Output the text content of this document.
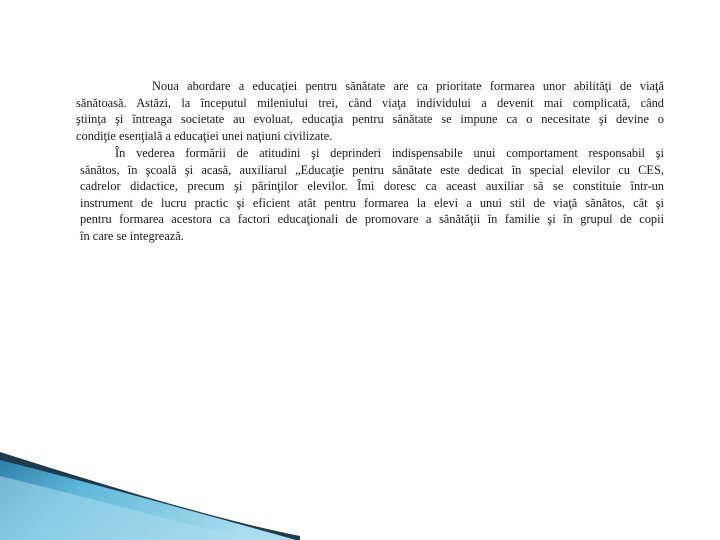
Noua abordare a educaţiei pentru sănătate are ca prioritate formarea unor abilităţi de viaţă
sănătoasă. Astăzi, la începutul mileniului trei, când viaţa individului a devenit mai complicată, când
ştiinţa şi întreaga societate au evoluat, educaţia pentru sănătate se impune ca o necesitate şi devine o
condiţie esenţială a educaţiei unei naţiuni civilizate.
În vederea formării de atitudini şi deprinderi indispensabile unui comportament responsabil şi
sănătos, în şcoală şi acasă, auxiliarul „Educaţie pentru sănătate este dedicat în special elevilor cu CES,
cadrelor didactice, precum şi părinţilor elevilor. Îmi doresc ca aceast auxiliar să se constituie într-un
instrument de lucru practic şi eficient atât pentru formarea la elevi a unui stil de viaţă sănătos, cât şi
pentru formarea acestora ca factori educaţionali de promovare a sănătăţii în familie şi în grupul de copii
în care se integrează.
